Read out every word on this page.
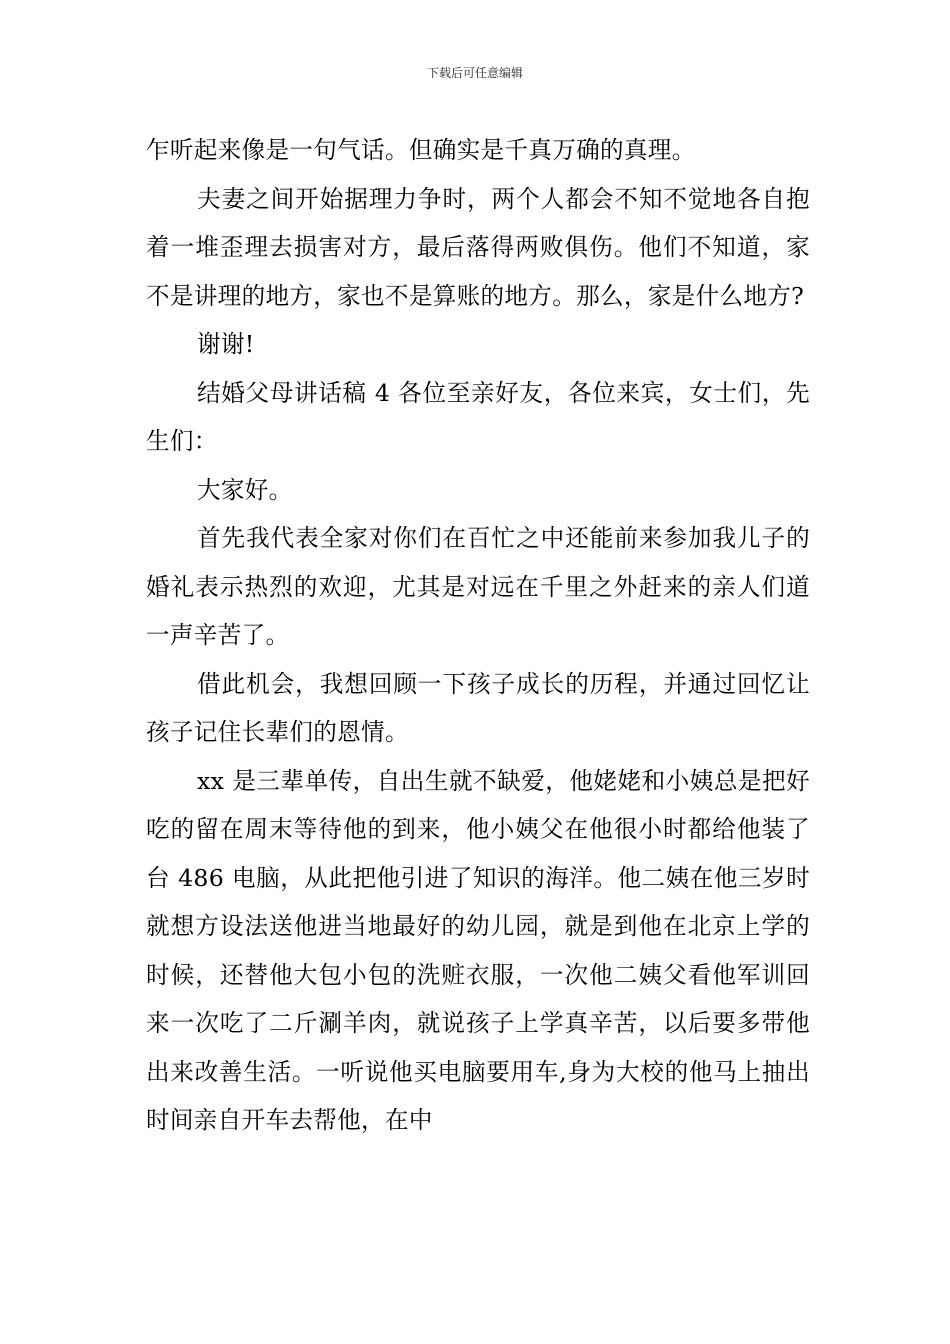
下载后可任意编辑

乍听起来像是一句气话。但确实是千真万确的真理。

夫妻之间开始据理力争时，两个人都会不知不觉地各自抱着一堆歪理去损害对方，最后落得两败俱伤。他们不知道，家不是讲理的地方，家也不是算账的地方。那么，家是什么地方?

谢谢!

结婚父母讲话稿 4 各位至亲好友，各位来宾，女士们，先生们：

大家好。

首先我代表全家对你们在百忙之中还能前来参加我儿子的婚礼表示热烈的欢迎，尤其是对远在千里之外赶来的亲人们道一声辛苦了。

借此机会，我想回顾一下孩子成长的历程，并通过回忆让孩子记住长辈们的恩情。

xx 是三辈单传，自出生就不缺爱，他姥姥和小姨总是把好吃的留在周末等待他的到来，他小姨父在他很小时都给他装了台 486 电脑，从此把他引进了知识的海洋。他二姨在他三岁时就想方设法送他进当地最好的幼儿园，就是到他在北京上学的时候，还替他大包小包的洗赃衣服，一次他二姨父看他军训回来一次吃了二斤涮羊肉，就说孩子上学真辛苦，以后要多带他出来改善生活。一听说他买电脑要用车,身为大校的他马上抽出时间亲自开车去帮他，在中
